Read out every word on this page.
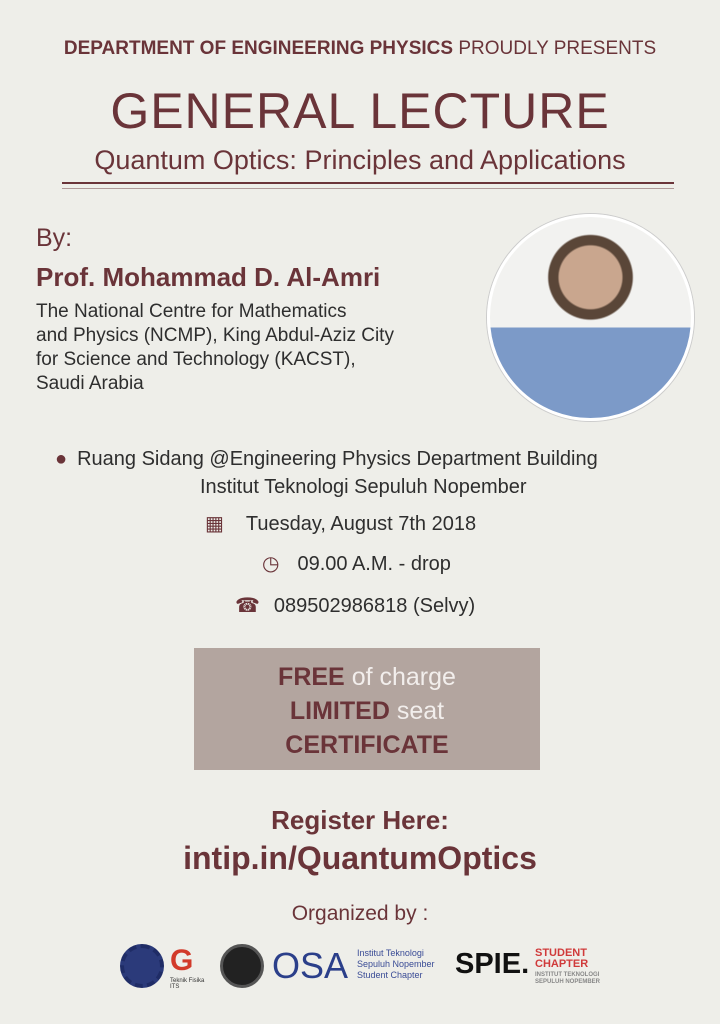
DEPARTMENT OF ENGINEERING PHYSICS PROUDLY PRESENTS
GENERAL LECTURE
Quantum Optics: Principles and Applications
By:
Prof. Mohammad D. Al-Amri
The National Centre for Mathematics
and Physics (NCMP), King Abdul-Aziz City
for Science and Technology (KACST),
Saudi Arabia
● Ruang Sidang @Engineering Physics Department Building
Institut Teknologi Sepuluh Nopember
▦ Tuesday, August 7th 2018
◷ 09.00 A.M. - drop
☎ 089502986818 (Selvy)
FREE of charge
LIMITED seat
CERTIFICATE
Register Here:
intip.in/QuantumOptics
Organized by :
G
Teknik Fisika ITS
OSA Institut Teknologi
Sepuluh Nopember
Student Chapter	SPIE. STUDENT
CHAPTER
INSTITUT TEKNOLOGI
SEPULUH NOPEMBER
